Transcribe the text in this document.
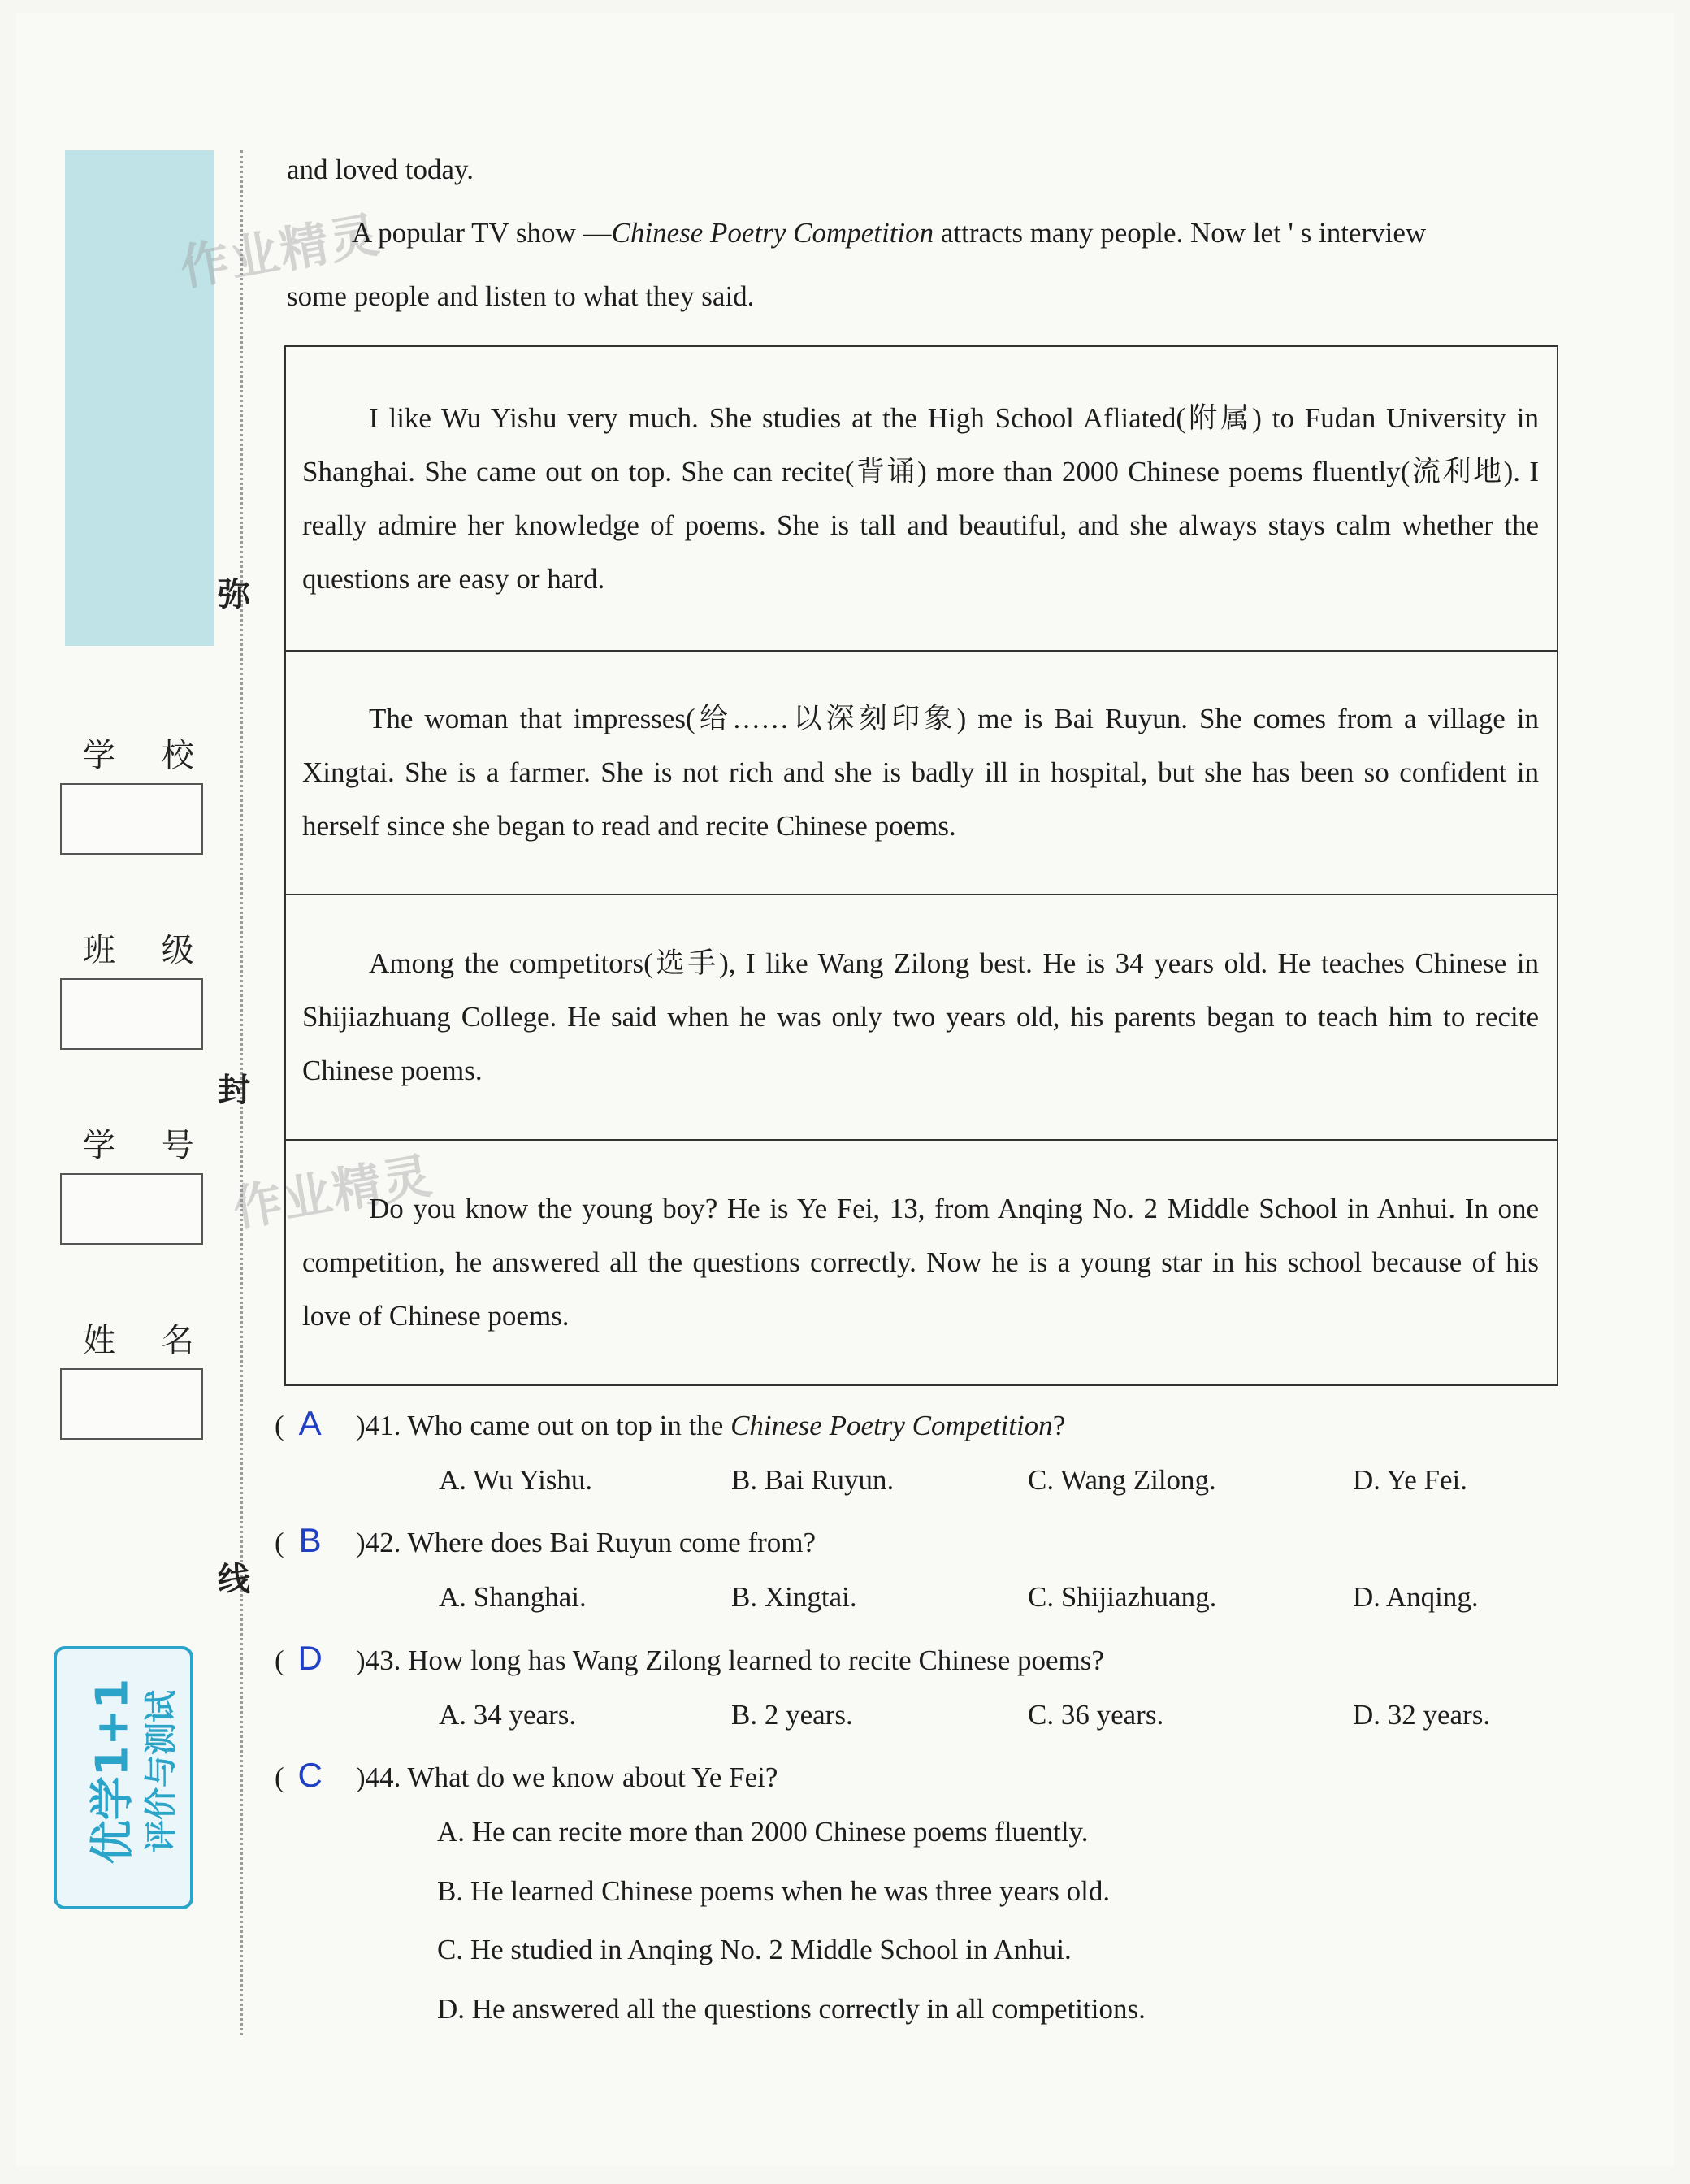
弥
封
线
学 校
班 级
学 号
姓 名
优学1+1 评价与测试
作业精灵
作业精灵
and loved today.
A popular TV show —Chinese Poetry Competition attracts many people. Now let ' s interview
some people and listen to what they said.

I like Wu Yishu very much. She studies at the High School Afliated(附属) to Fudan University in Shanghai. She came out on top. She can recite(背诵) more than 2000 Chinese poems fluently(流利地). I really admire her knowledge of poems. She is tall and beautiful, and she always stays calm whether the questions are easy or hard.

The woman that impresses(给……以深刻印象) me is Bai Ruyun. She comes from a village in Xingtai. She is a farmer. She is not rich and she is badly ill in hospital, but she has been so confident in herself since she began to read and recite Chinese poems.

Among the competitors(选手), I like Wang Zilong best. He is 34 years old. He teaches Chinese in Shijiazhuang College. He said when he was only two years old, his parents began to teach him to recite Chinese poems.

Do you know the young boy? He is Ye Fei, 13, from Anqing No. 2 Middle School in Anhui. In one competition, he answered all the questions correctly. Now he is a young star in his school because of his love of Chinese poems.

( A )41. Who came out on top in the Chinese Poetry Competition?
A. Wu Yishu.	B. Bai Ruyun.	C. Wang Zilong.	D. Ye Fei.
( B )42. Where does Bai Ruyun come from?
A. Shanghai.	B. Xingtai.	C. Shijiazhuang.	D. Anqing.
( D )43. How long has Wang Zilong learned to recite Chinese poems?
A. 34 years.	B. 2 years.	C. 36 years.	D. 32 years.
( C )44. What do we know about Ye Fei?
A. He can recite more than 2000 Chinese poems fluently.
B. He learned Chinese poems when he was three years old.
C. He studied in Anqing No. 2 Middle School in Anhui.
D. He answered all the questions correctly in all competitions.
